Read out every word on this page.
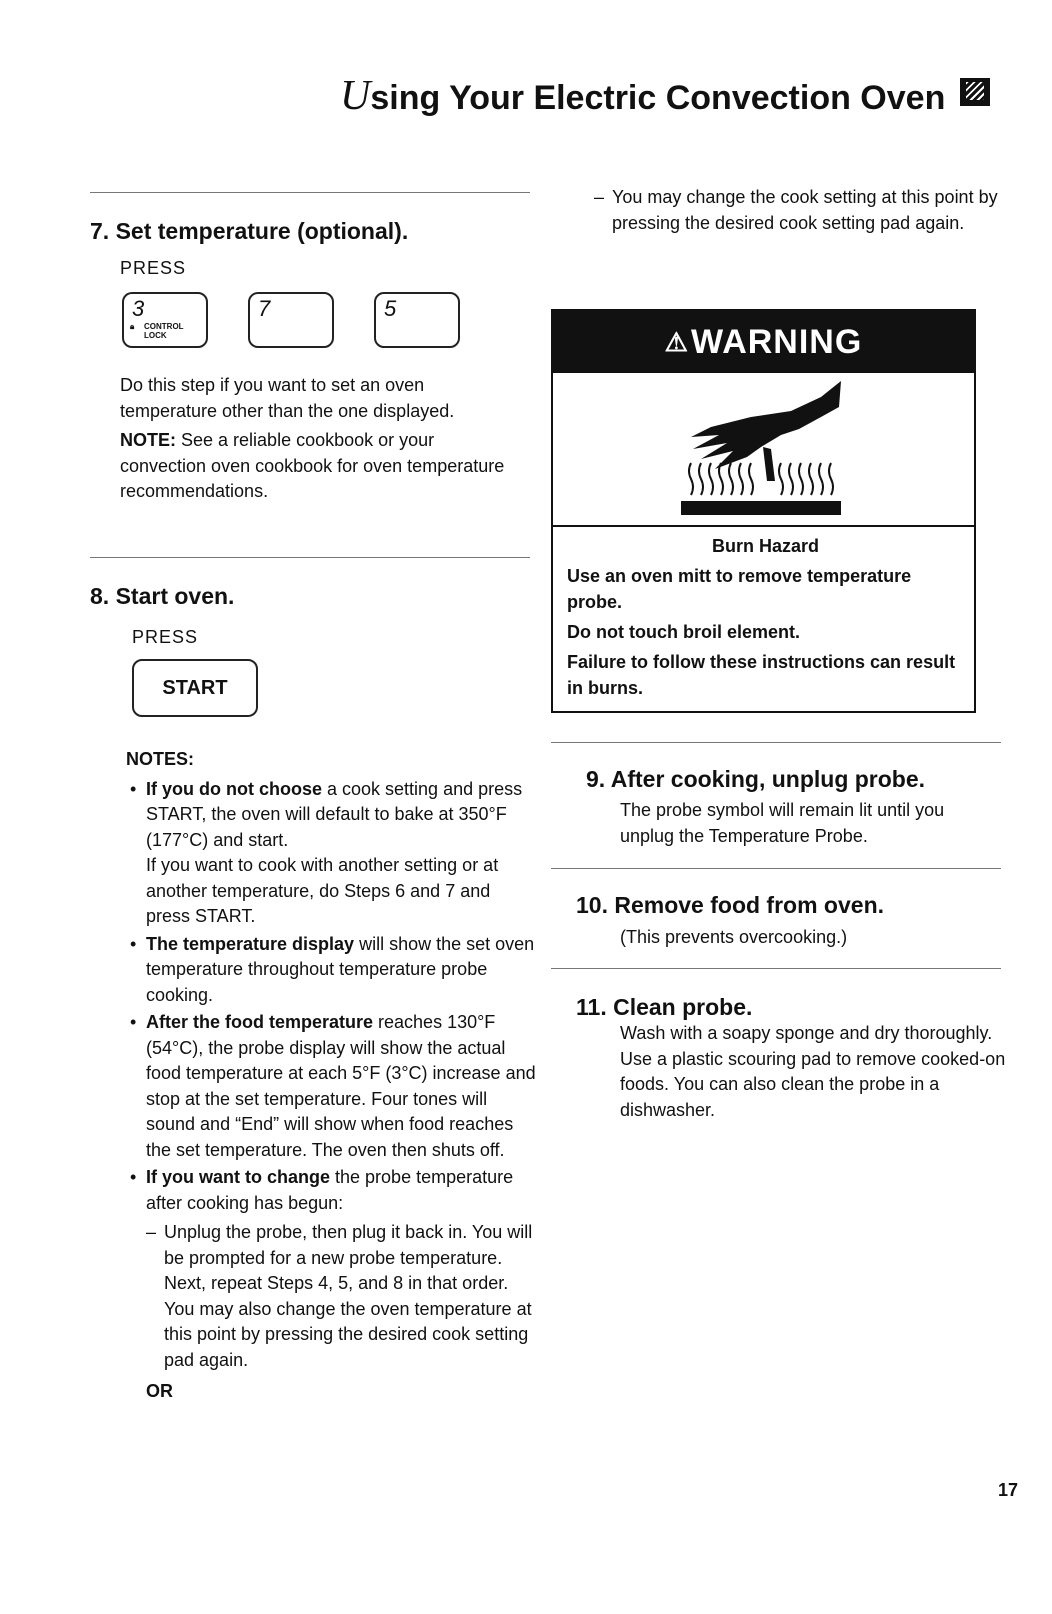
Using Your Electric Convection Oven
7. Set temperature (optional).
PRESS
3
🔒︎ CONTROL LOCK
7	5
Do this step if you want to set an oven temperature other than the one displayed.
NOTE: See a reliable cookbook or your convection oven cookbook for oven temperature recommendations.
8. Start oven.
PRESS
START
NOTES:
• If you do not choose a cook setting and press START, the oven will default to bake at 350°F (177°C) and start.
If you want to cook with another setting or at another temperature, do Steps 6 and 7 and press START.
• The temperature display will show the set oven temperature throughout temperature probe cooking.
• After the food temperature reaches 130°F (54°C), the probe display will show the actual food temperature at each 5°F (3°C) increase and stop at the set temperature. Four tones will sound and “End” will show when food reaches the set temperature. The oven then shuts off.
• If you want to change the probe temperature after cooking has begun:
– Unplug the probe, then plug it back in. You will be prompted for a new probe temperature. Next, repeat Steps 4, 5, and 8 in that order. You may also change the oven temperature at this point by pressing the desired cook setting pad again.
OR
– You may change the cook setting at this point by pressing the desired cook setting pad again.
⚠︎ WARNING
Burn Hazard

Use an oven mitt to remove temperature probe.

Do not touch broil element.

Failure to follow these instructions can result in burns.

9. After cooking, unplug probe.
The probe symbol will remain lit until you unplug the Temperature Probe.
10. Remove food from oven.
(This prevents overcooking.)
11. Clean probe.
Wash with a soapy sponge and dry thoroughly. Use a plastic scouring pad to remove cooked-on foods. You can also clean the probe in a dishwasher.
17
